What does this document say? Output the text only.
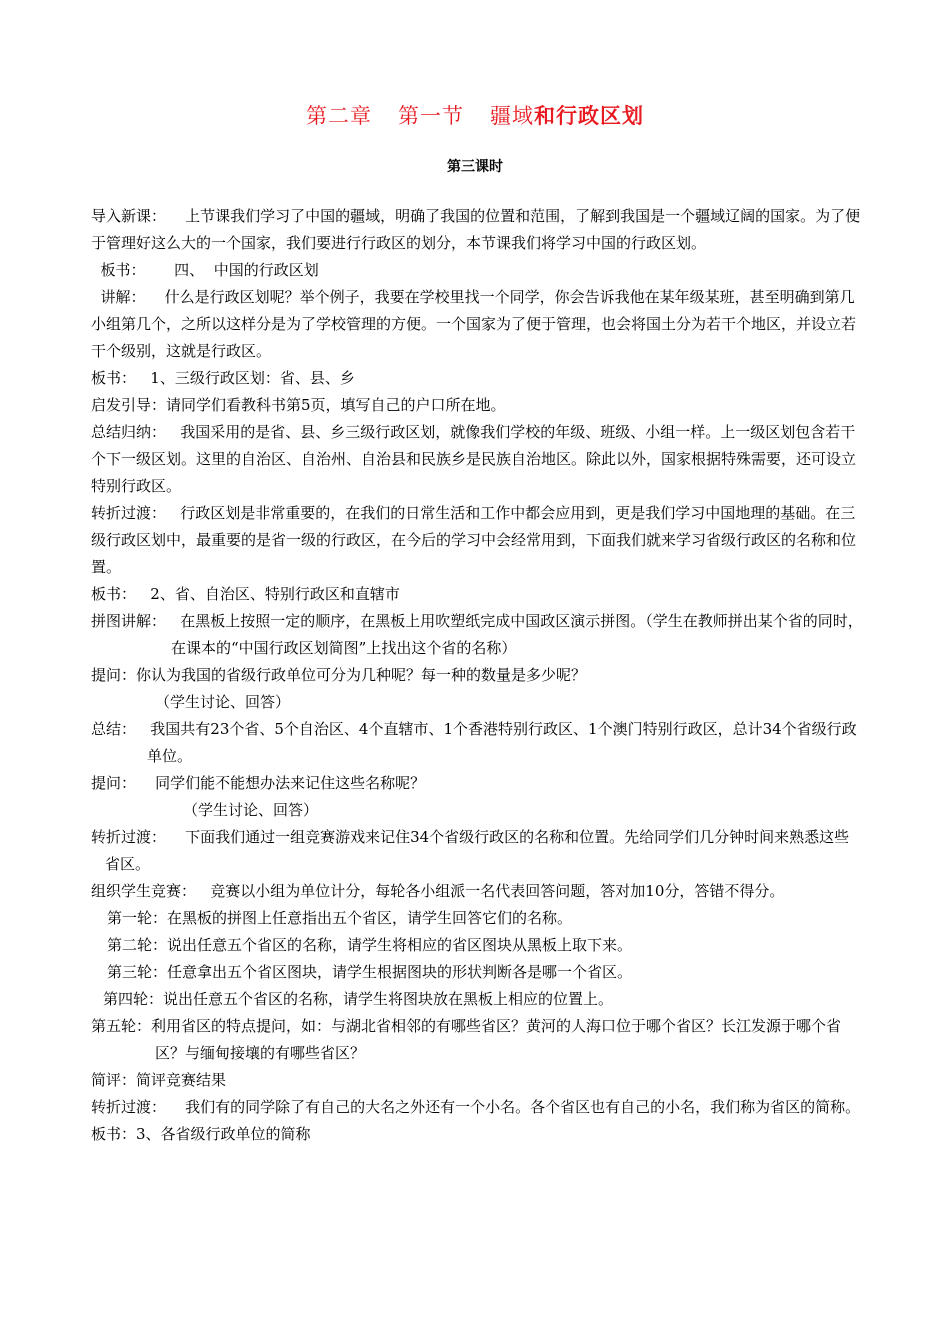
第二章 第一节 疆域和行政区划
第三课时

导入新课：    上节课我们学习了中国的疆域，明确了我国的位置和范围，了解到我国是一个疆域辽阔的国家。为了便于管理好这么大的一个国家，我们要进行行政区的划分，本节课我们将学习中国的行政区划。

板书：      四、  中国的行政区划

讲解：    什么是行政区划呢？举个例子，我要在学校里找一个同学，你会告诉我他在某年级某班，甚至明确到第几小组第几个，之所以这样分是为了学校管理的方便。一个国家为了便于管理，也会将国土分为若干个地区，并设立若干个级别，这就是行政区。

板书：   1、三级行政区划：省、县、乡

启发引导：请同学们看教科书第5页，填写自己的户口所在地。

总结归纳：   我国采用的是省、县、乡三级行政区划，就像我们学校的年级、班级、小组一样。上一级区划包含若干个下一级区划。这里的自治区、自治州、自治县和民族乡是民族自治地区。除此以外，国家根据特殊需要，还可设立特别行政区。

转折过渡：   行政区划是非常重要的，在我们的日常生活和工作中都会应用到，更是我们学习中国地理的基础。在三级行政区划中，最重要的是省一级的行政区，在今后的学习中会经常用到，下面我们就来学习省级行政区的名称和位置。

板书：   2、省、自治区、特别行政区和直辖市

拼图讲解：   在黑板上按照一定的顺序，在黑板上用吹塑纸完成中国政区演示拼图。（学生在教师拼出某个省的同时，在课本的“中国行政区划简图”上找出这个省的名称）

提问：你认为我国的省级行政单位可分为几种呢？每一种的数量是多少呢？

（学生讨论、回答）

总结：   我国共有23个省、5个自治区、4个直辖市、1个香港特别行政区、1个澳门特别行政区，总计34个省级行政单位。

提问：    同学们能不能想办法来记住这些名称呢？

（学生讨论、回答）

转折过渡：    下面我们通过一组竞赛游戏来记住34个省级行政区的名称和位置。先给同学们几分钟时间来熟悉这些省区。

组织学生竞赛：   竞赛以小组为单位计分，每轮各小组派一名代表回答问题，答对加10分，答错不得分。

第一轮：在黑板的拼图上任意指出五个省区，请学生回答它们的名称。

第二轮：说出任意五个省区的名称，请学生将相应的省区图块从黑板上取下来。

第三轮：任意拿出五个省区图块，请学生根据图块的形状判断各是哪一个省区。

第四轮：说出任意五个省区的名称，请学生将图块放在黑板上相应的位置上。

第五轮：利用省区的特点提问，如：与湖北省相邻的有哪些省区？黄河的人海口位于哪个省区？长江发源于哪个省区？与缅甸接壤的有哪些省区？

简评：简评竞赛结果

转折过渡：    我们有的同学除了有自己的大名之外还有一个小名。各个省区也有自己的小名，我们称为省区的简称。

板书：3、各省级行政单位的简称
